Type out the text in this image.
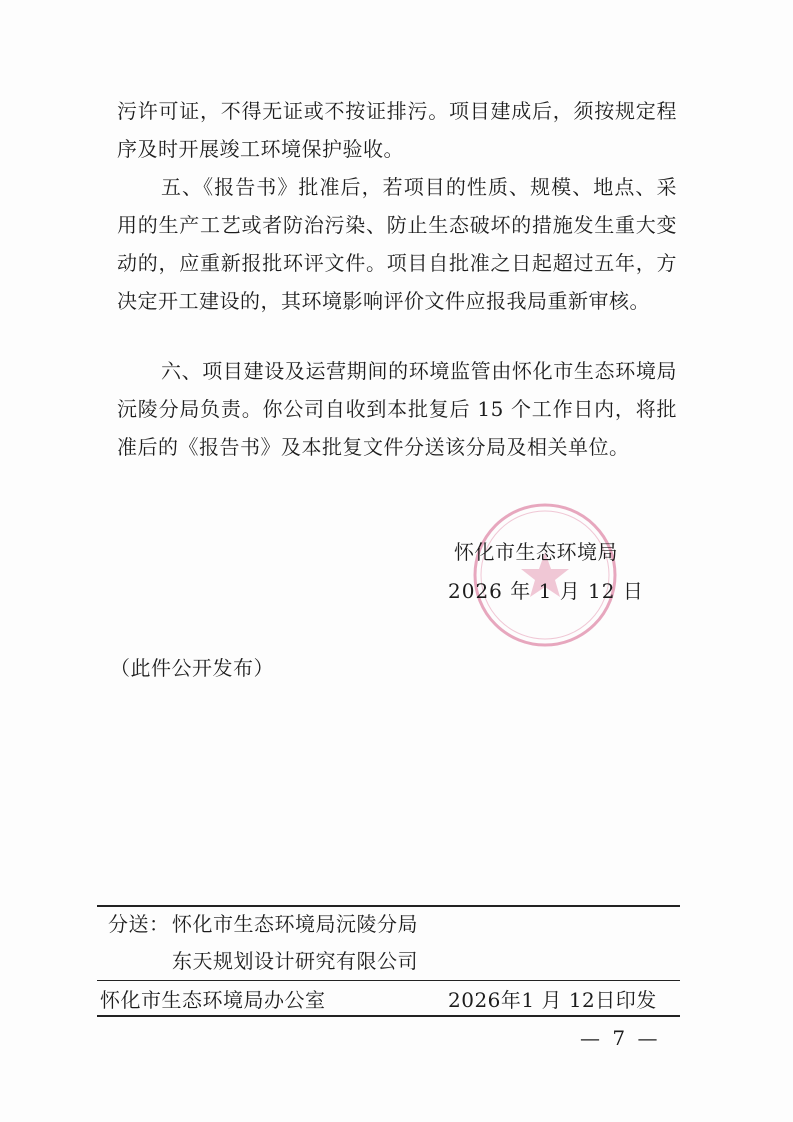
污许可证，不得无证或不按证排污。项目建成后，须按规定程序及时开展竣工环境保护验收。

五、《报告书》批准后，若项目的性质、规模、地点、采用的生产工艺或者防治污染、防止生态破坏的措施发生重大变动的，应重新报批环评文件。项目自批准之日起超过五年，方决定开工建设的，其环境影响评价文件应报我局重新审核。

六、项目建设及运营期间的环境监管由怀化市生态环境局沅陵分局负责。你公司自收到本批复后 15 个工作日内，将批准后的《报告书》及本批复文件分送该分局及相关单位。

怀化市生态环境局
2026 年 1 月 12 日
（此件公开发布）
分送： 怀化市生态环境局沅陵分局
东天规划设计研究有限公司
怀化市生态环境局办公室	2026年1 月 12日印发
— 7 —
